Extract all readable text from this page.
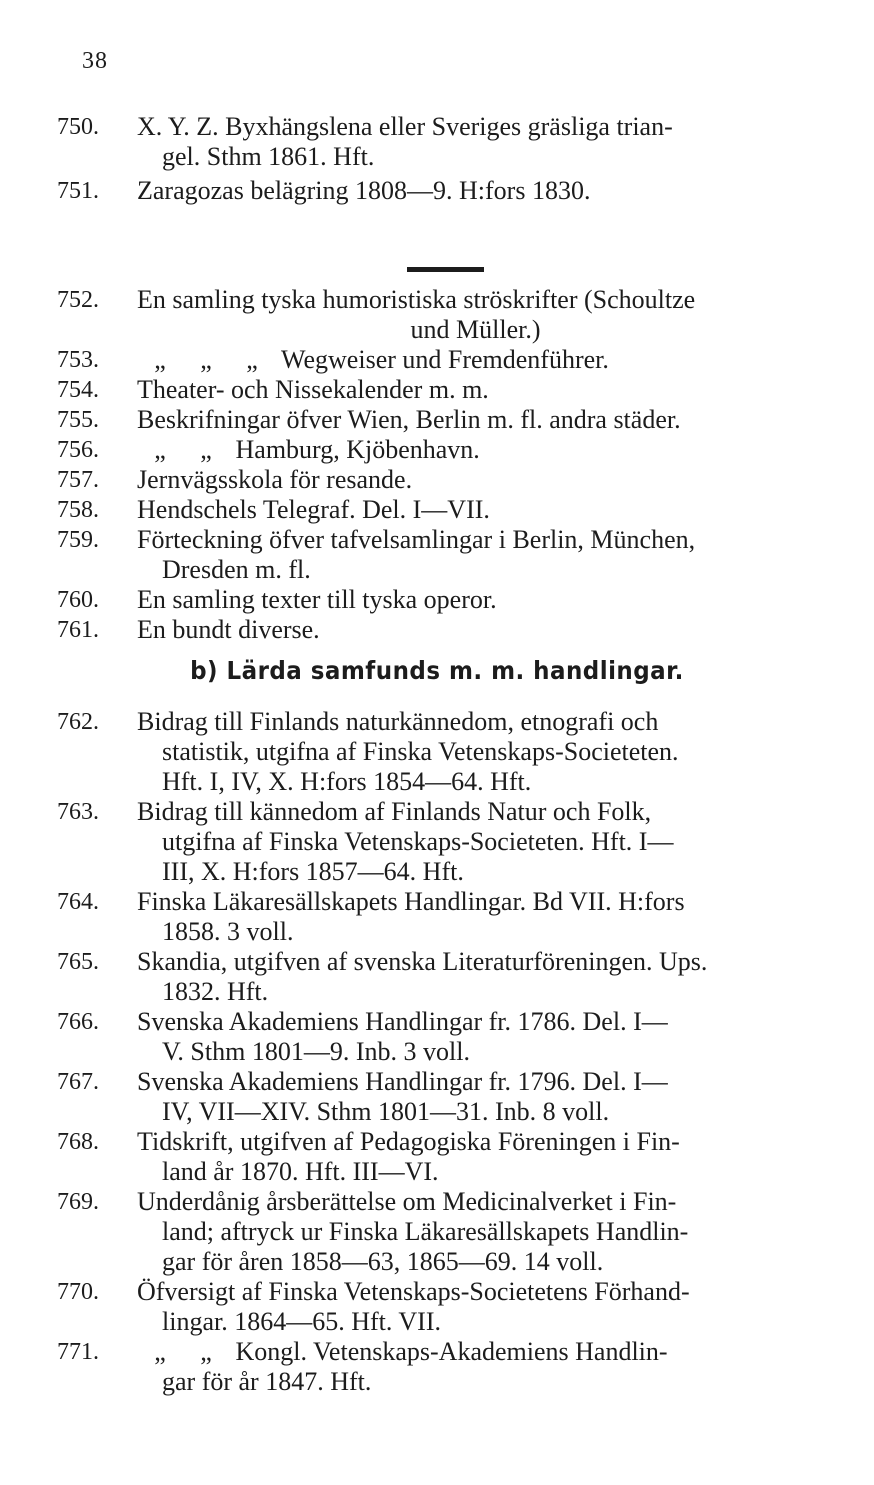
38
750.	X. Y. Z. Byxhängslena eller Sveriges gräsliga trian-
gel. Sthm 1861. Hft.
751.	Zaragozas belägring 1808—9. H:fors 1830.
752.	En samling tyska humoristiska ströskrifter (Schoultze
und Müller.)
753.	„ „ „ Wegweiser und Fremdenführer.
754.	Theater- och Nissekalender m. m.
755.	Beskrifningar öfver Wien, Berlin m. fl. andra städer.
756.	„ „ Hamburg, Kjöbenhavn.
757.	Jernvägsskola för resande.
758.	Hendschels Telegraf. Del. I—VII.
759.	Förteckning öfver tafvelsamlingar i Berlin, München,
Dresden m. fl.
760.	En samling texter till tyska operor.
761.	En bundt diverse.
b) Lärda samfunds m. m. handlingar.
762.	Bidrag till Finlands naturkännedom, etnografi och
statistik, utgifna af Finska Vetenskaps-Societeten.
Hft. I, IV, X. H:fors 1854—64. Hft.
763.	Bidrag till kännedom af Finlands Natur och Folk,
utgifna af Finska Vetenskaps-Societeten. Hft. I—
III, X. H:fors 1857—64. Hft.
764.	Finska Läkaresällskapets Handlingar. Bd VII. H:fors
1858. 3 voll.
765.	Skandia, utgifven af svenska Literaturföreningen. Ups.
1832. Hft.
766.	Svenska Akademiens Handlingar fr. 1786. Del. I—
V. Sthm 1801—9. Inb. 3 voll.
767.	Svenska Akademiens Handlingar fr. 1796. Del. I—
IV, VII—XIV. Sthm 1801—31. Inb. 8 voll.
768.	Tidskrift, utgifven af Pedagogiska Föreningen i Fin-
land år 1870. Hft. III—VI.
769.	Underdånig årsberättelse om Medicinalverket i Fin-
land; aftryck ur Finska Läkaresällskapets Handlin-
gar för åren 1858—63, 1865—69. 14 voll.
770.	Öfversigt af Finska Vetenskaps-Societetens Förhand-
lingar. 1864—65. Hft. VII.
771.	„ „ Kongl. Vetenskaps-Akademiens Handlin-
gar för år 1847. Hft.
